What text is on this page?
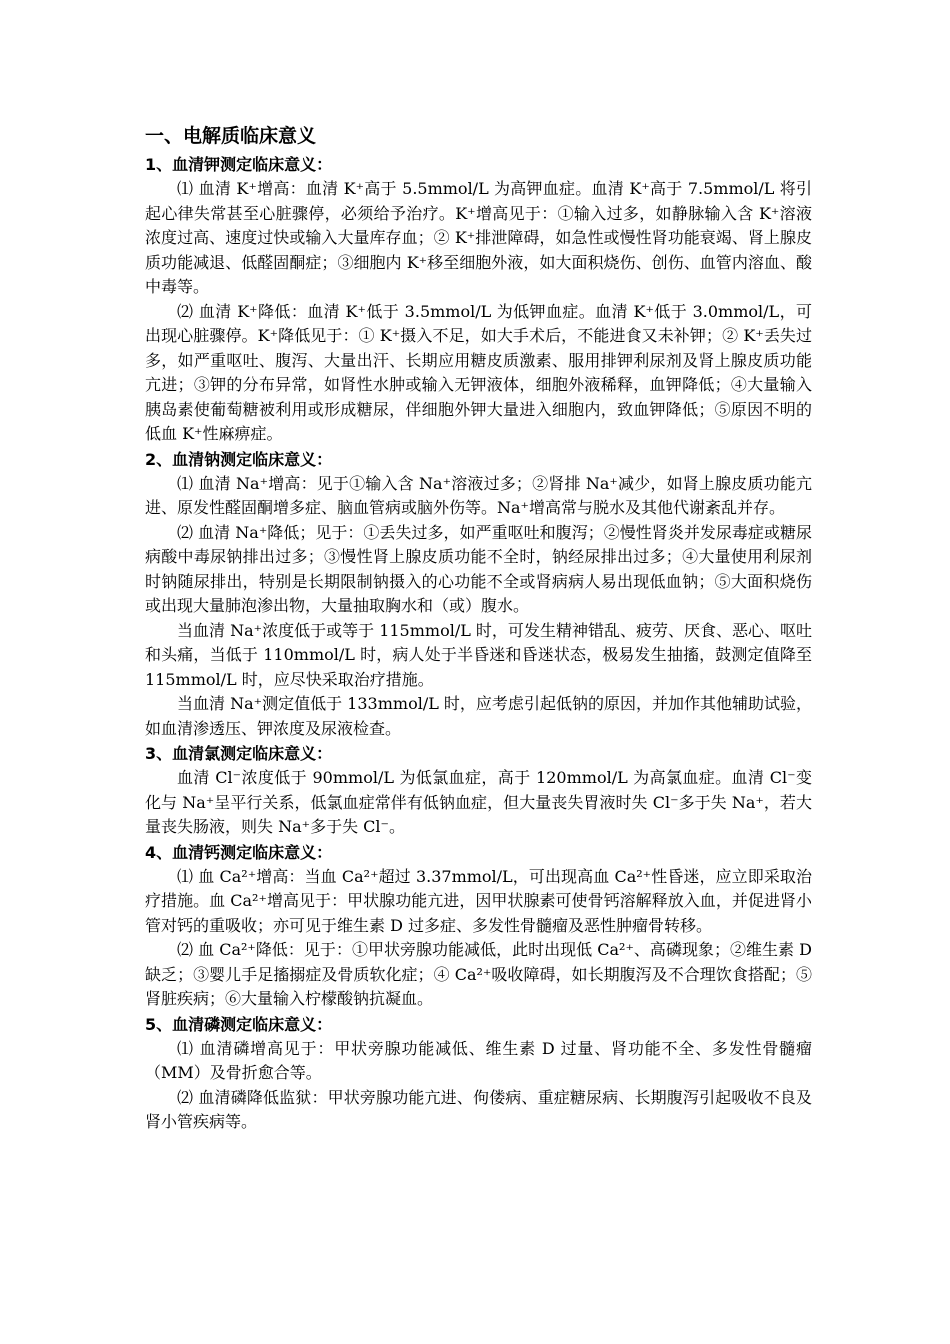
一、电解质临床意义
1、血清钾测定临床意义：

⑴ 血清 K⁺增高：血清 K⁺高于 5.5mmol/L 为高钾血症。血清 K⁺高于 7.5mmol/L 将引起心律失常甚至心脏骤停，必须给予治疗。K⁺增高见于：①输入过多，如静脉输入含 K⁺溶液浓度过高、速度过快或输入大量库存血；② K⁺排泄障碍，如急性或慢性肾功能衰竭、肾上腺皮质功能减退、低醛固酮症；③细胞内 K⁺移至细胞外液，如大面积烧伤、创伤、血管内溶血、酸中毒等。

⑵ 血清 K⁺降低：血清 K⁺低于 3.5mmol/L 为低钾血症。血清 K⁺低于 3.0mmol/L，可出现心脏骤停。K⁺降低见于：① K⁺摄入不足，如大手术后，不能进食又未补钾；② K⁺丢失过多，如严重呕吐、腹泻、大量出汗、长期应用糖皮质激素、服用排钾利尿剂及肾上腺皮质功能亢进；③钾的分布异常，如肾性水肿或输入无钾液体，细胞外液稀释，血钾降低；④大量输入胰岛素使葡萄糖被利用或形成糖尿，伴细胞外钾大量进入细胞内，致血钾降低；⑤原因不明的低血 K⁺性麻痹症。

2、血清钠测定临床意义：

⑴ 血清 Na⁺增高：见于①输入含 Na⁺溶液过多；②肾排 Na⁺减少，如肾上腺皮质功能亢进、原发性醛固酮增多症、脑血管病或脑外伤等。Na⁺增高常与脱水及其他代谢紊乱并存。

⑵ 血清 Na⁺降低；见于：①丢失过多，如严重呕吐和腹泻；②慢性肾炎并发尿毒症或糖尿病酸中毒尿钠排出过多；③慢性肾上腺皮质功能不全时，钠经尿排出过多；④大量使用利尿剂时钠随尿排出，特别是长期限制钠摄入的心功能不全或肾病病人易出现低血钠；⑤大面积烧伤或出现大量肺泡渗出物，大量抽取胸水和（或）腹水。

当血清 Na⁺浓度低于或等于 115mmol/L 时，可发生精神错乱、疲劳、厌食、恶心、呕吐和头痛，当低于 110mmol/L 时，病人处于半昏迷和昏迷状态，极易发生抽搐，鼓测定值降至 115mmol/L 时，应尽快采取治疗措施。

当血清 Na⁺测定值低于 133mmol/L 时，应考虑引起低钠的原因，并加作其他辅助试验，如血清渗透压、钾浓度及尿液检查。

3、血清氯测定临床意义：

血清 Cl⁻浓度低于 90mmol/L 为低氯血症，高于 120mmol/L 为高氯血症。血清 Cl⁻变化与 Na⁺呈平行关系，低氯血症常伴有低钠血症，但大量丧失胃液时失 Cl⁻多于失 Na⁺，若大量丧失肠液，则失 Na⁺多于失 Cl⁻。

4、血清钙测定临床意义：

⑴ 血 Ca²⁺增高：当血 Ca²⁺超过 3.37mmol/L，可出现高血 Ca²⁺性昏迷，应立即采取治疗措施。血 Ca²⁺增高见于：甲状腺功能亢进，因甲状腺素可使骨钙溶解释放入血，并促进肾小管对钙的重吸收；亦可见于维生素 D 过多症、多发性骨髓瘤及恶性肿瘤骨转移。

⑵ 血 Ca²⁺降低：见于：①甲状旁腺功能减低，此时出现低 Ca²⁺、高磷现象；②维生素 D 缺乏；③婴儿手足搐搦症及骨质软化症；④ Ca²⁺吸收障碍，如长期腹泻及不合理饮食搭配；⑤肾脏疾病；⑥大量输入柠檬酸钠抗凝血。

5、血清磷测定临床意义：

⑴ 血清磷增高见于：甲状旁腺功能减低、维生素 D 过量、肾功能不全、多发性骨髓瘤（MM）及骨折愈合等。

⑵ 血清磷降低监狱：甲状旁腺功能亢进、佝偻病、重症糖尿病、长期腹泻引起吸收不良及肾小管疾病等。
